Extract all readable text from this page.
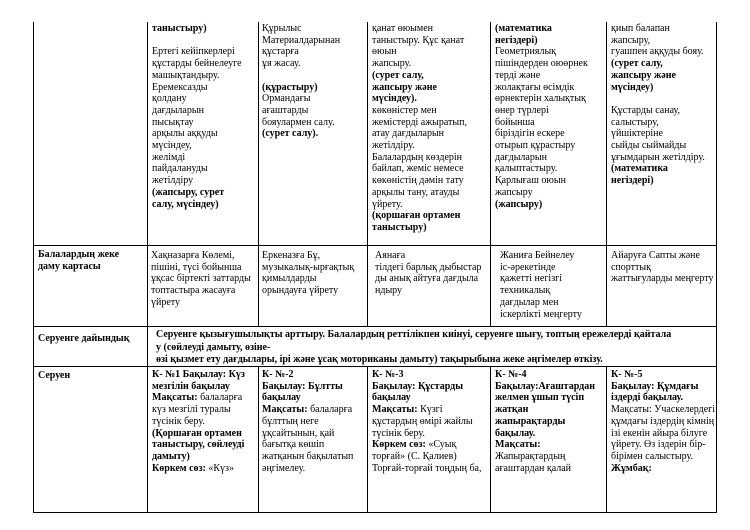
таныстыру)

Ертегі кейіпкерлері
құстарды бейнелеуге
машықтандыру.
Еремексазды
қолдану
дағдыларын
пысықтау
арқылы аққуды
мүсіндеу,
желімді
пайдалануды
жетілдіру
(жапсыру, сурет
салу, мүсіндеу)
Құрылыс
Материалдарынан
құстарға
ұя жасау.

(құрастыру)
Ормандағы
ағаштарды
бояулармен салу.
(сурет салу).
қанат өюымен
таныстыру. Құс қанат
өюын
жапсыру.
(сурет салу,
жапсыру және
мүсіндеу).
көкөністер мен
жемістерді ажыратып,
атау дағдыларын
жетілдіру.
Балалардың көздерін
байлап, жеміс немесе
көкөністің дәмін тату
арқылы тану, атауды
үйрету.
(қоршаған ортамен
таныстыру)
(математика
негіздері)
Геометриялық
пішіндерден оюөрнек
терді және
жолақтағы өсімдік
өрнектерін халықтық
өнер түрлері
бойынша
біріздігін ескере
отырып құрастыру
дағдыларын
қалыптастыру.
Қарлығаш оюын
жапсыру
(жапсыру)
қиып балапан
жапсыру,
гуашпен аққуды бояу.
(сурет салу,
жапсыру және
мүсіндеу)

Құстарды санау,
салыстыру,
үйшіктеріне
сыйды сыймайды
ұғымдарын жетілдіру.
(математика
негіздері)
Балалардың жеке
даму картасы
Хақназарға Көлемі,
пішіні, түсі бойынша
ұқсас біртекті заттарды
топтастыра жасауға
үйрету
Еркеназға Бұ,
музыкалық-ырғақтық
қимылдарды
орындауға үйрету
Аянаға
тілдегі барлық дыбыстар
ды анық айтуға дағдыла
ндыру
Жаниға Бейнелеу
іс-әрекетінде
қажетті негізгі
техникалық
дағдылар мен
іскерлікті меңгерту
Айаруға Сапты және
спорттық
жаттығуларды меңгерту
Серуенге дайындық	Серуенге қызығушылықты арттыру. Балалардың реттілікпен киінуі, серуенге шығу, топтың ережелерді қайтала
у (сөйлеуді дамыту, өзіне-
өзі қызмет ету дағдылары, ірі және ұсақ моториканы дамыту) тақырыбына жеке әңгімелер өткізу.
Серуен	К- №1 Бақылау: Күз
мезгілін бақылау
Мақсаты: балаларға
күз мезгілі туралы
түсінік беру.
(Қоршаған ортамен
таныстыру, сөйлеуді
дамыту)
Көркем сөз: «Күз»
К- №-2
Бақылау: Бұлтты
бақылау
Мақсаты: балаларға
бұлттың неге
ұқсайтынын, қай
бағытқа көшіп
жатқанын бақылатып
әңгімелеу.
К- №-3
Бақылау: Құстарды
бақылау
Мақсаты: Күзгі
құстардың өмірі жайлы
түсінік беру.
Көркем сөз: «Суық
торғай» (С. Қалиев)
Торғай-торғай тоңдың ба,
К- №-4
Бақылау:Ағаштардан
желмен ұшып түсіп
жатқан
жапырақтарды
бақылау.
Мақсаты:
Жапырақтардың
ағаштардан қалай
К- №-5
Бақылау: Құмдағы
іздерді бақылау.
Мақсаты: Учаскелердегі
құмдағы іздердің кімнің
ізі екенін айыра білуге
үйрету. Өз іздерін бір-
бірімен салыстыру.
Жұмбақ:
